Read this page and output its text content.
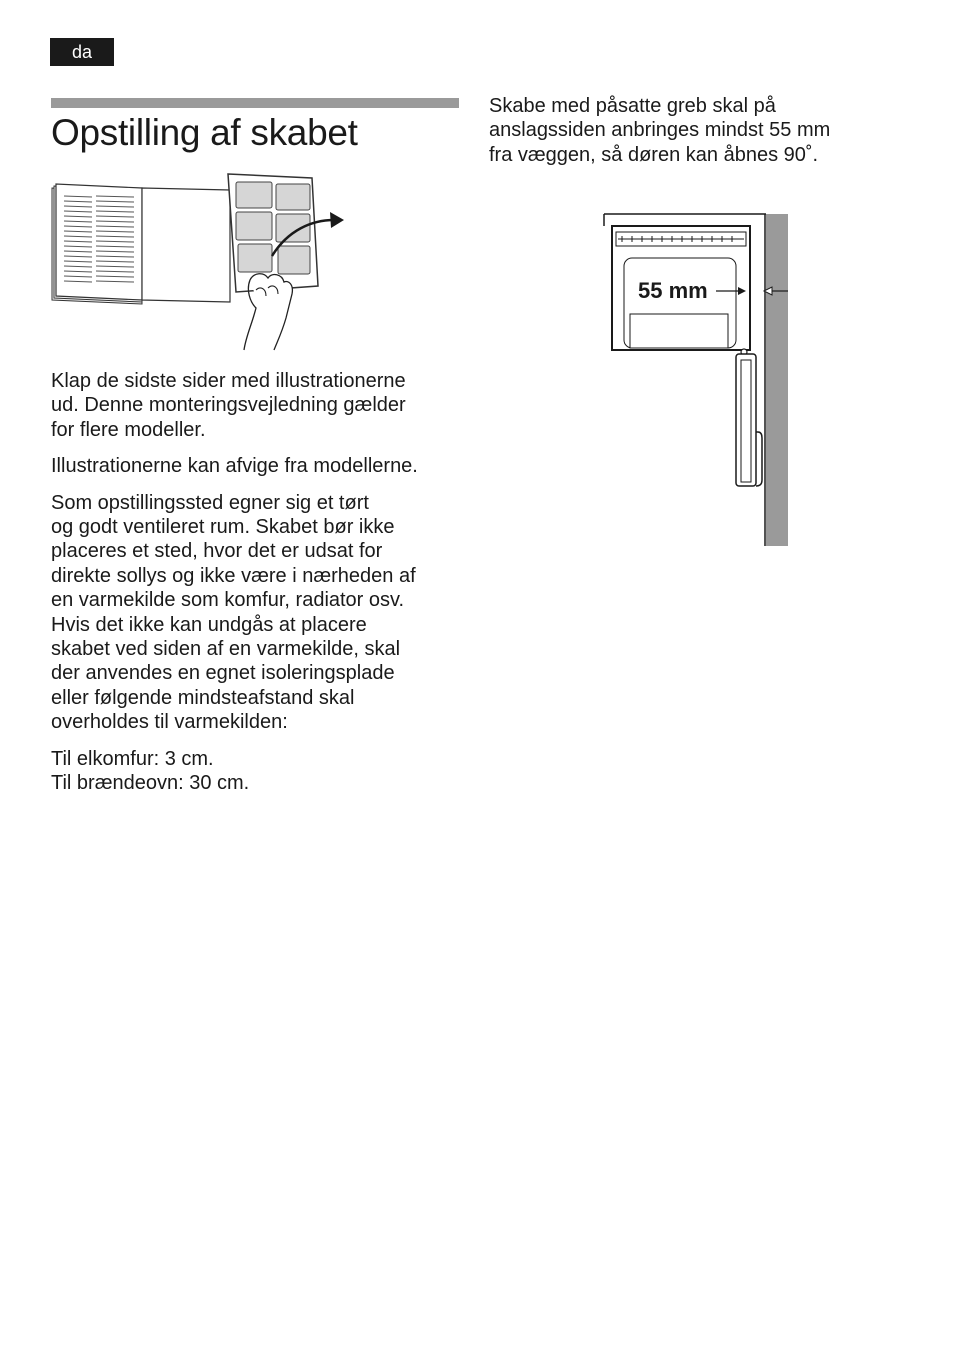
da
Opstilling af skabet

Klap de sidste sider med illustrationerne
ud. Denne monteringsvejledning gælder
for flere modeller.

Illustrationerne kan afvige fra modellerne.

Som opstillingssted egner sig et tørt
og godt ventileret rum. Skabet bør ikke
placeres et sted, hvor det er udsat for
direkte sollys og ikke være i nærheden af
en varmekilde som komfur, radiator osv.
Hvis det ikke kan undgås at placere
skabet ved siden af en varmekilde, skal
der anvendes en egnet isoleringsplade
eller følgende mindsteafstand skal
overholdes til varmekilden:

Til elkomfur: 3 cm.
Til brændeovn: 30 cm.

Skabe med påsatte greb skal på
anslagssiden anbringes mindst 55 mm
fra væggen, så døren kan åbnes 90˚.

55 mm
